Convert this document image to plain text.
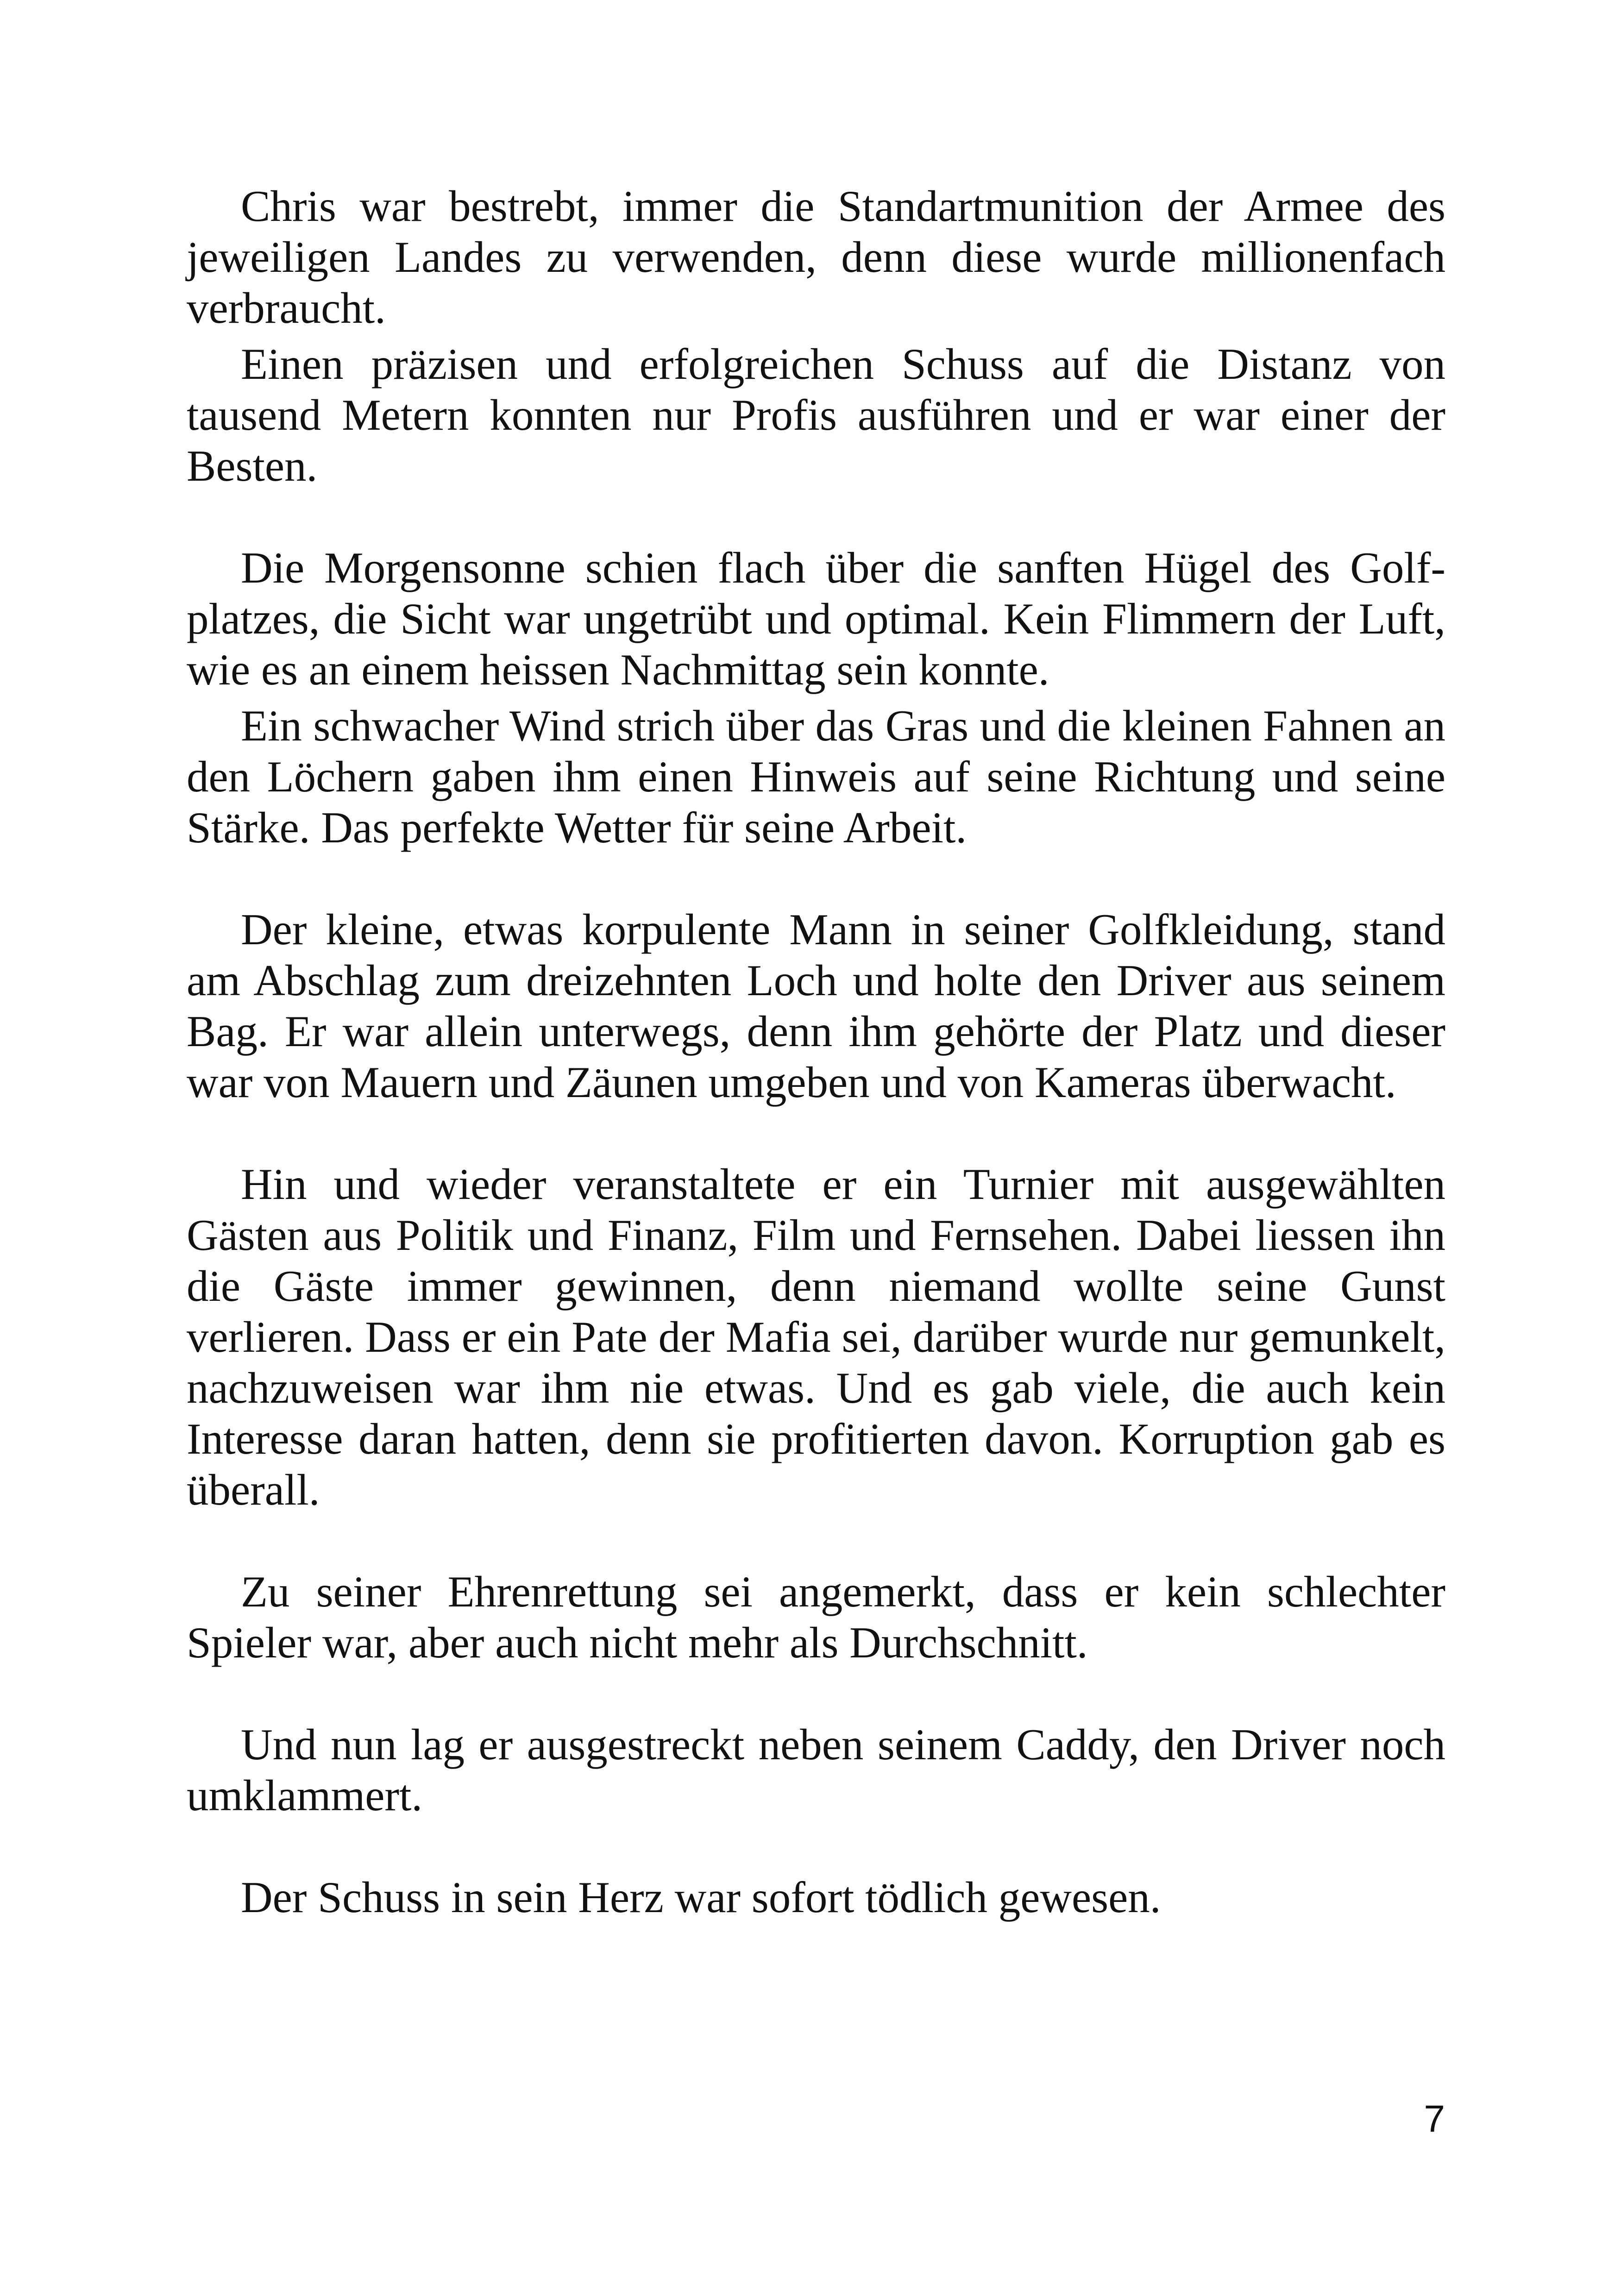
Chris war bestrebt, immer die Standartmunition der Armee des jeweiligen Landes zu verwenden, denn diese wurde millionenfach verbraucht.

Einen präzisen und erfolgreichen Schuss auf die Distanz von tausend Metern konnten nur Profis ausführen und er war einer der Besten.

Die Morgensonne schien flach über die sanften Hügel des Golfplatzes, die Sicht war ungetrübt und optimal. Kein Flimmern der Luft, wie es an einem heissen Nachmittag sein konnte.

Ein schwacher Wind strich über das Gras und die kleinen Fahnen an den Löchern gaben ihm einen Hinweis auf seine Richtung und seine Stärke. Das perfekte Wetter für seine Arbeit.

Der kleine, etwas korpulente Mann in seiner Golfkleidung, stand am Abschlag zum dreizehnten Loch und holte den Driver aus seinem Bag. Er war allein unterwegs, denn ihm gehörte der Platz und dieser war von Mauern und Zäunen umgeben und von Kameras überwacht.

Hin und wieder veranstaltete er ein Turnier mit ausgewählten Gästen aus Politik und Finanz, Film und Fernsehen. Dabei liessen ihn die Gäste immer gewinnen, denn niemand wollte seine Gunst verlieren. Dass er ein Pate der Mafia sei, darüber wurde nur gemunkelt, nachzuweisen war ihm nie etwas. Und es gab viele, die auch kein Interesse daran hatten, denn sie profitierten davon. Korruption gab es überall.

Zu seiner Ehrenrettung sei angemerkt, dass er kein schlechter Spieler war, aber auch nicht mehr als Durchschnitt.

Und nun lag er ausgestreckt neben seinem Caddy, den Driver noch umklammert.

Der Schuss in sein Herz war sofort tödlich gewesen.

7
